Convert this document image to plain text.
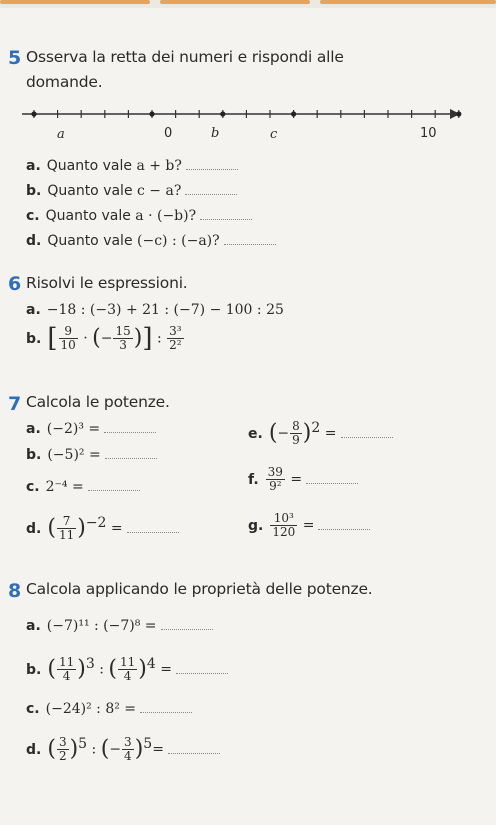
5 Osserva la retta dei numeri e rispondi alle
domande.
a	0	b	c	10
a. Quanto vale a + b?
b. Quanto vale c − a?
c. Quanto vale a · (−b)?
d. Quanto vale (−c) : (−a)?
6 Risolvi le espressioni.
a. −18 : (−3) + 21 : (−7) − 100 : 25
b. [ $\frac{9}{10}$ · (− $\frac{15}{3}$ )] : $\frac{\text{3³}}{\text{2²}}$
7 Calcola le potenze.
a. (−2)³ =
b. (−5)² =
c. 2⁻⁴ =
d. ( $\frac{7}{11} )^{-2}$ =
e. (− $\frac{8}{9} )^2$ =
f. $\frac{39}{\text{9²}}$ =
g. $\frac{\text{10³}}{120}$ =
8 Calcola applicando le proprietà delle potenze.
a. (−7)¹¹ : (−7)⁸ =
b. ( $\frac{11}{4} )^3$ : ( $\frac{11}{4} )^4$ =
c. (−24)² : 8² =
d. ( $\frac{3}{2} )^5$ : (− $\frac{3}{4} )^5=$
